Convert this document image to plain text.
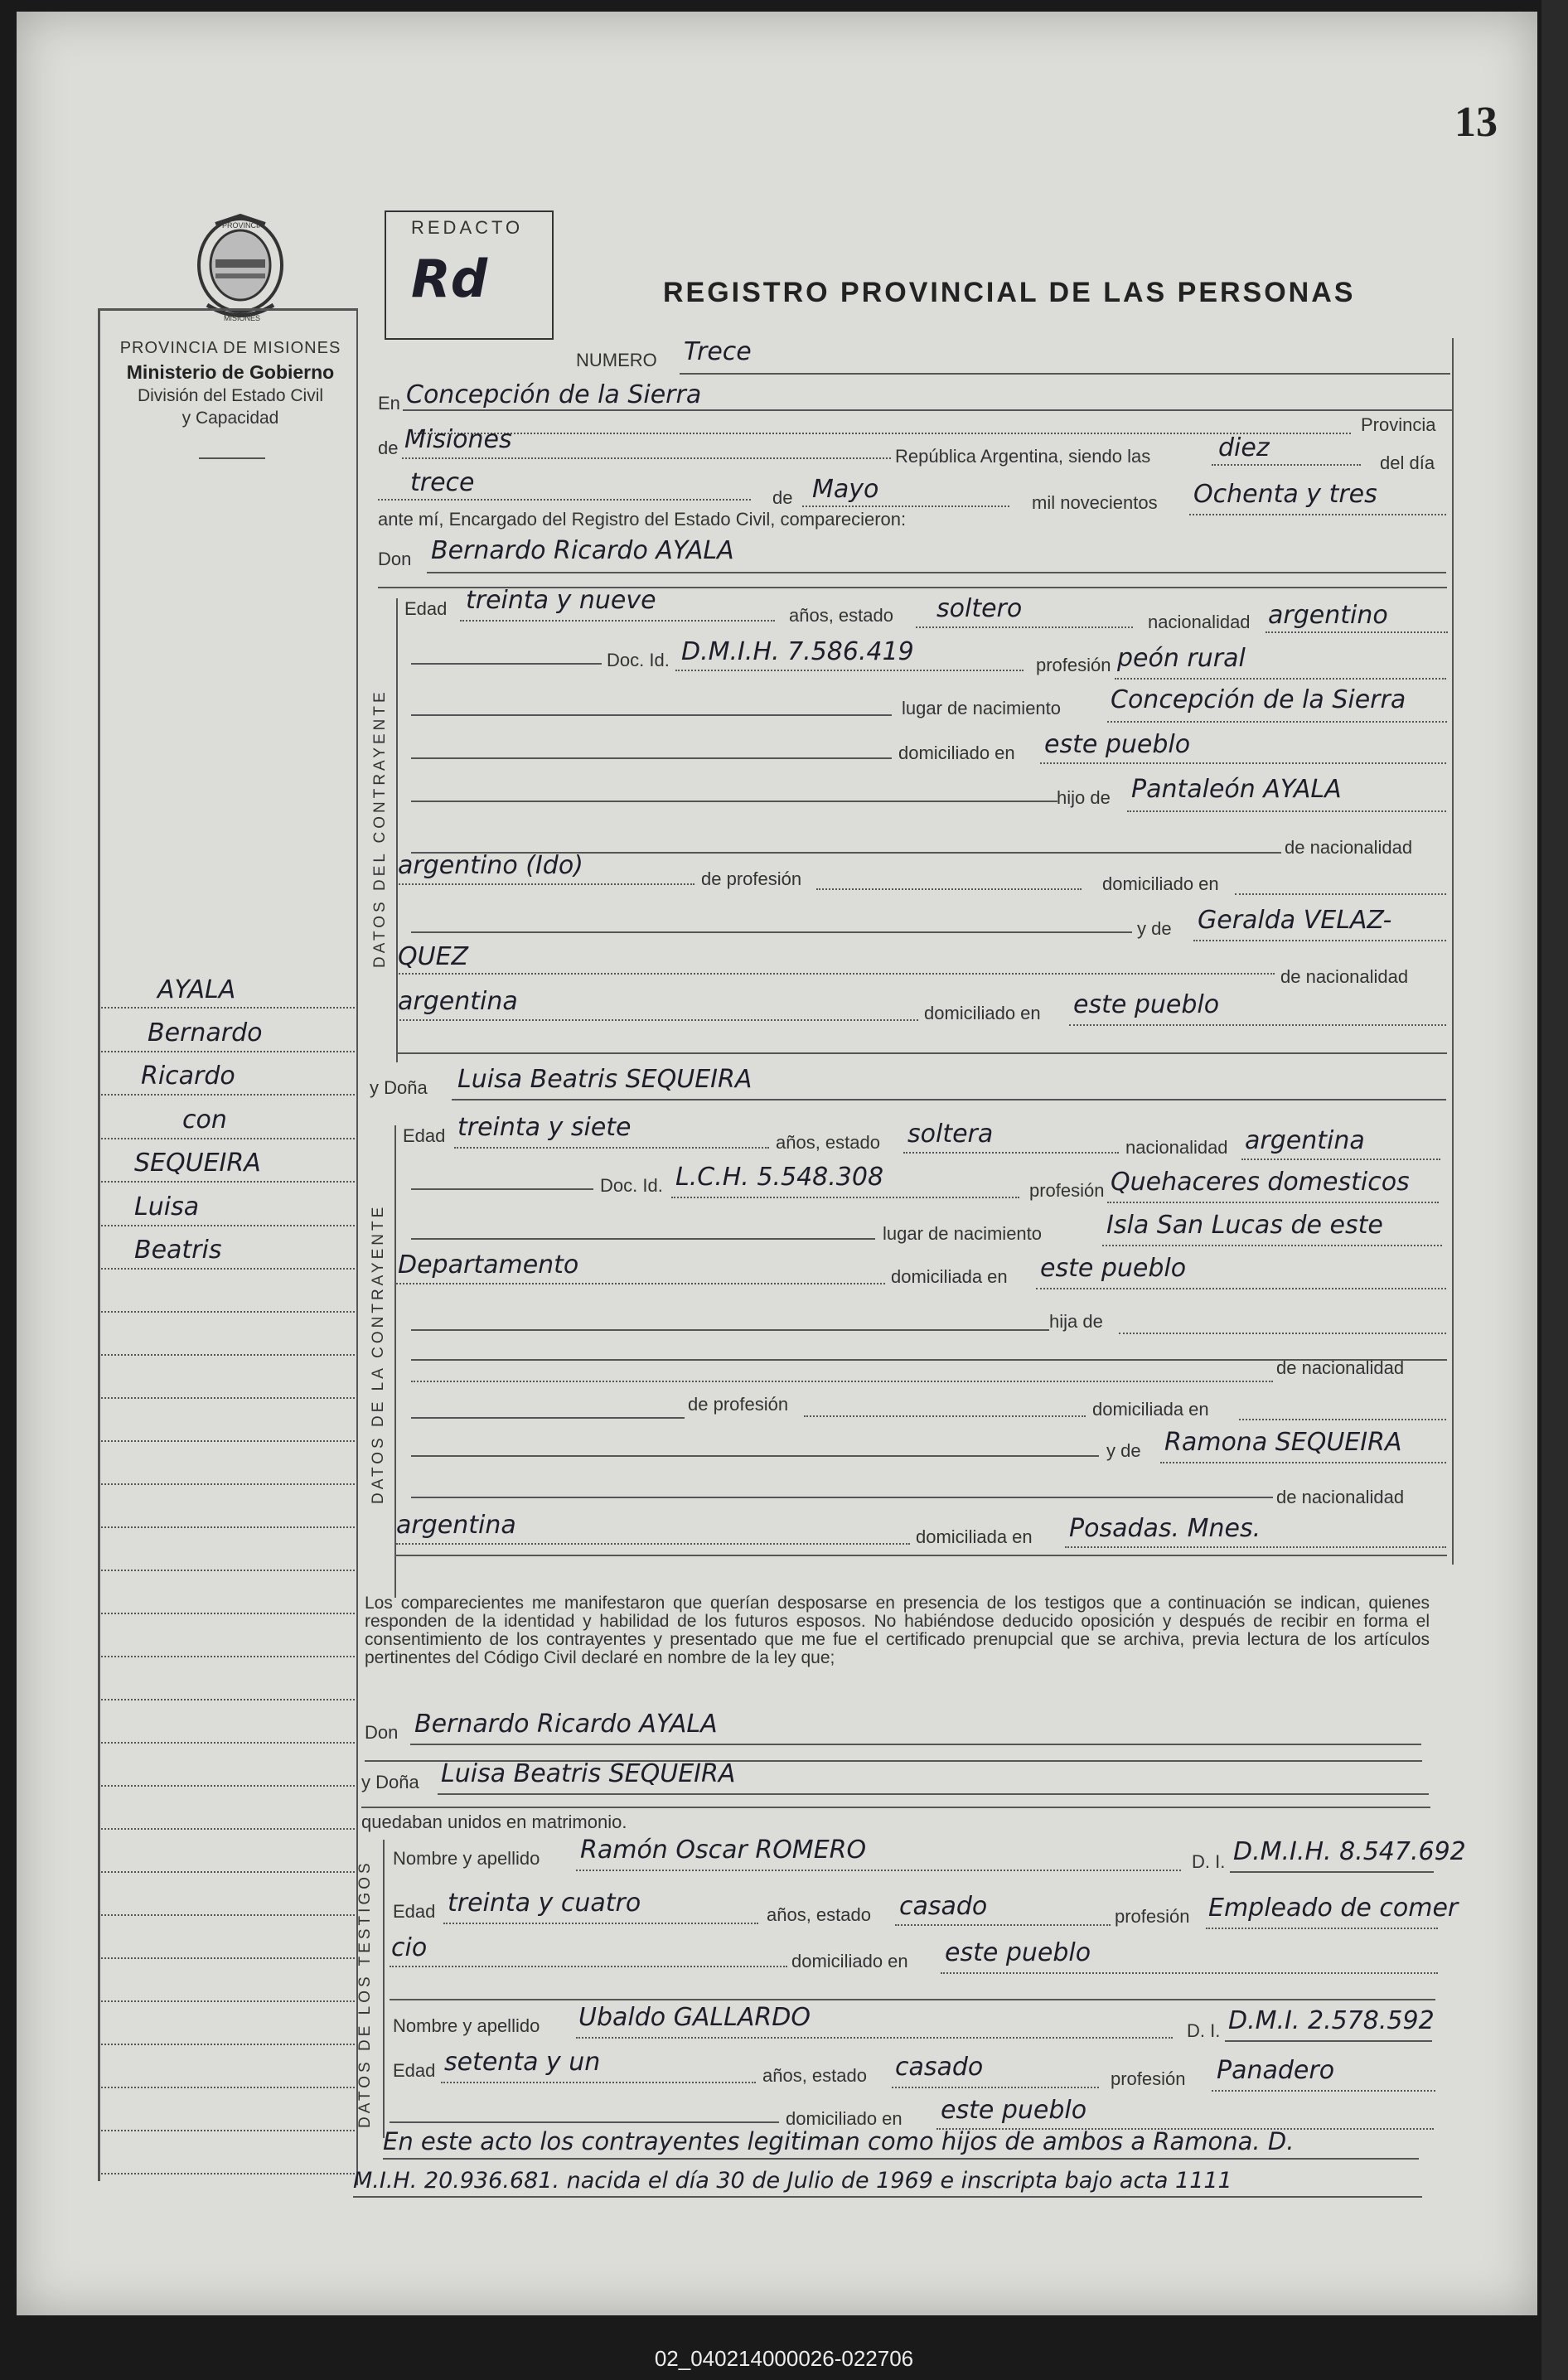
13
PROVINCIA
MISIONES
PROVINCIA DE MISIONES
Ministerio de Gobierno
División del Estado Civil
y Capacidad
AYALA
Bernardo
Ricardo
con
SEQUEIRA
Luisa
Beatris
REDACTO
Rd	REGISTRO PROVINCIAL DE LAS PERSONAS
NUMERO Trece
En Concepción de la Sierra
Provincia
de Misiones
República Argentina, siendo las	diez
del día
trece
de Mayo	mil novecientos Ochenta y tres
ante mí, Encargado del Registro del Estado Civil, comparecieron:
Don Bernardo Ricardo AYALA
DATOS DEL CONTRAYENTE
Edad treinta y nueve
años, estado soltero	nacionalidad argentino
Doc. Id. D.M.I.H. 7.586.419	profesión peón rural
lugar de nacimiento Concepción de la Sierra
domiciliado en este pueblo
hijo de Pantaleón AYALA
de nacionalidad
argentino (Ido)	de profesión	domiciliado en
y de Geralda VELAZ-
QUEZ
de nacionalidad
argentina	domiciliado en este pueblo
y Doña Luisa Beatris SEQUEIRA
DATOS DE LA CONTRAYENTE
Edad treinta y siete
años, estado soltera	nacionalidad argentina
Doc. Id. L.C.H. 5.548.308	profesión Quehaceres domesticos
lugar de nacimiento	Isla San Lucas de este
Departamento	domiciliada en este pueblo
hija de
de nacionalidad
de profesión	domiciliada en
y de Ramona SEQUEIRA
de nacionalidad
argentina	domiciliada en Posadas. Mnes.
Los comparecientes me manifestaron que querían desposarse en presencia de los testigos que a continuación se indican, quienes responden de la identidad y habilidad de los futuros esposos. No habiéndose deducido oposición y después de recibir en forma el consentimiento de los contrayentes y presentado que me fue el certificado prenupcial que se archiva, previa lectura de los artículos pertinentes del Código Civil declaré en nombre de la ley que;
Don Bernardo Ricardo AYALA
y Doña Luisa Beatris SEQUEIRA
quedaban unidos en matrimonio.
DATOS DE LOS TESTIGOS
Nombre y apellido Ramón Oscar ROMERO	D. I. D.M.I.H. 8.547.692
Edad treinta y cuatro	años, estado casado	profesión Empleado de comer
cio	domiciliado en este pueblo
Nombre y apellido Ubaldo GALLARDO	D. I. D.M.I. 2.578.592
Edad setenta y un	años, estado casado	profesión Panadero
domiciliado en este pueblo
En este acto los contrayentes legitiman como hijos de ambos a Ramona. D.
M.I.H. 20.936.681. nacida el día 30 de Julio de 1969 e inscripta bajo acta 1111
02_040214000026-022706
